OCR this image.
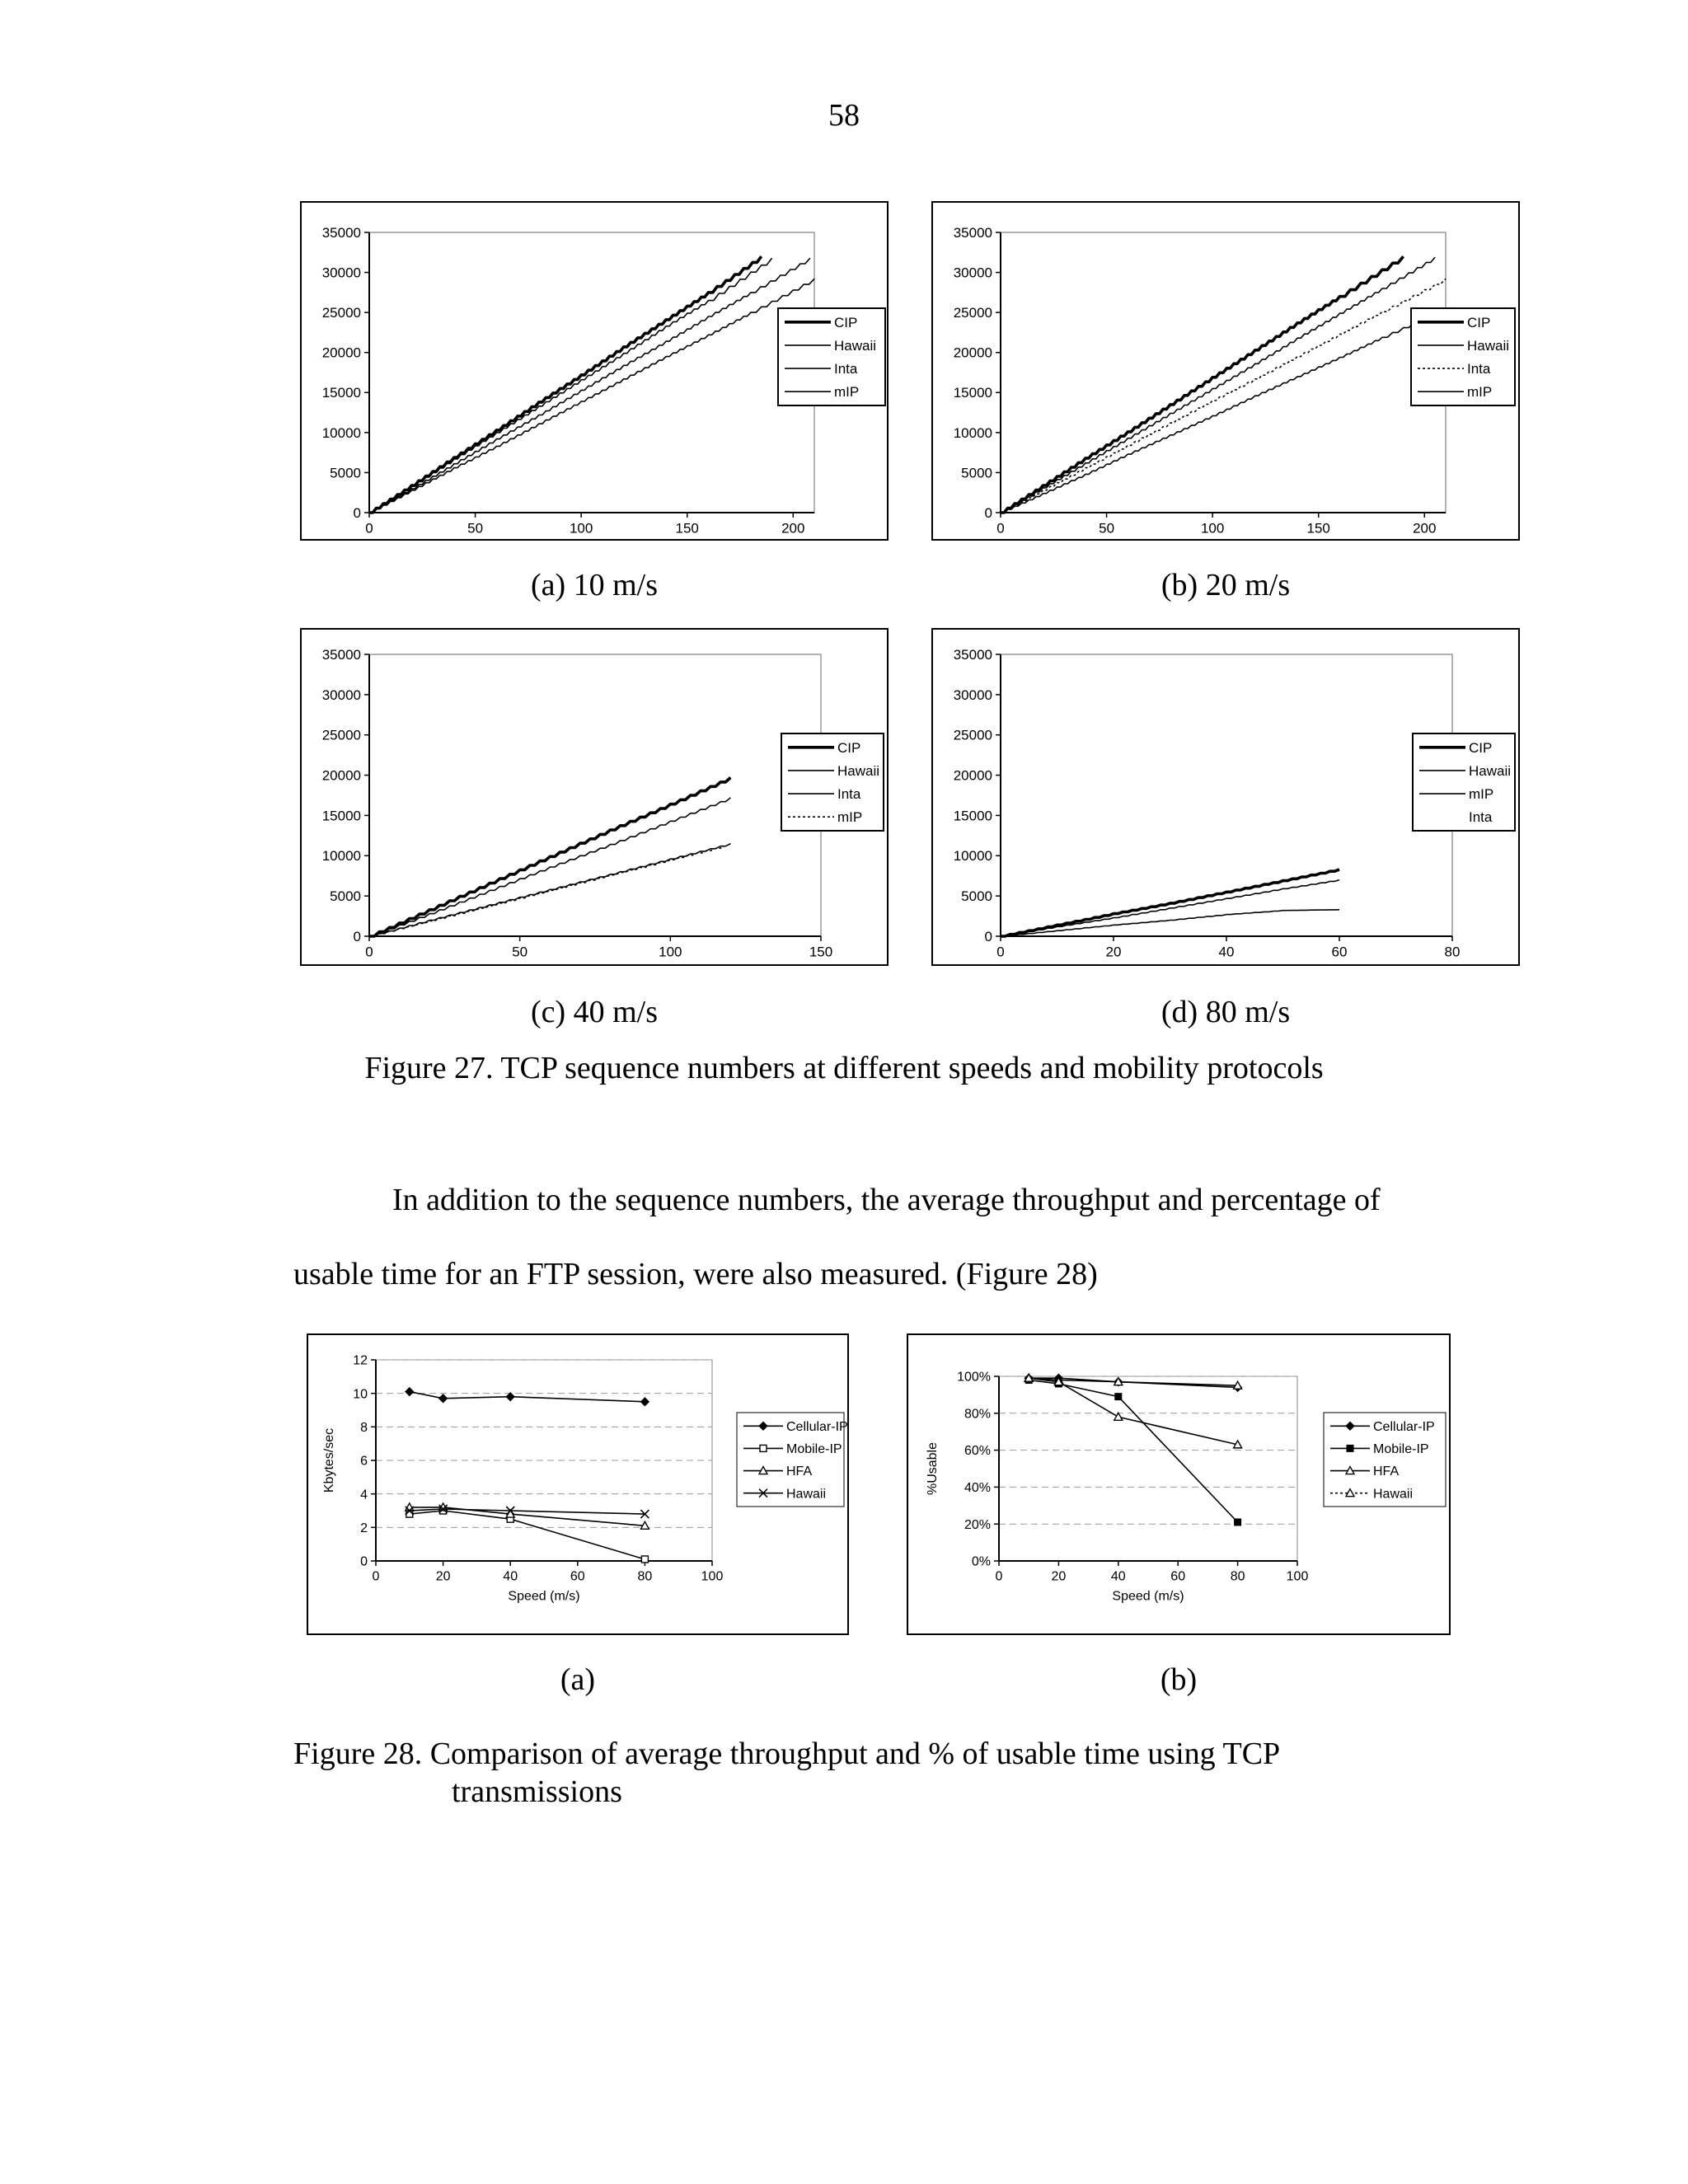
58
0
5000
10000
15000
20000
25000
30000
35000
0	50	100	150	200
CIP
Hawaii
Inta
mIP
0
5000
10000
15000
20000
25000
30000
35000
0	50	100	150	200
CIP
Hawaii
Inta
mIP
(a) 10 m/s	(b) 20 m/s
0
5000
10000
15000
20000
25000
30000
35000
0	50	100	150
CIP
Hawaii
Inta
mIP
0
5000
10000
15000
20000
25000
30000
35000
0	20	40	60	80
CIP
Hawaii
mIP
Inta
(c) 40 m/s	(d) 80 m/s
Figure 27. TCP sequence numbers at different speeds and mobility protocols
In addition to the sequence numbers, the average throughput and percentage of
usable time for an FTP session, were also measured. (Figure 28)
0
2
4
6
8
10
12
0	20	40	60	80	100
Speed (m/s)
Kbytes/sec
Cellular-IP
Mobile-IP
HFA
Hawaii
0%
20%
40%
60%
80%
100%
0	20	40	60	80	100
Speed (m/s)
%Usable
Cellular-IP
Mobile-IP
HFA
Hawaii
(a)	(b)
Figure 28. Comparison of average throughput and % of usable time using TCP
transmissions
